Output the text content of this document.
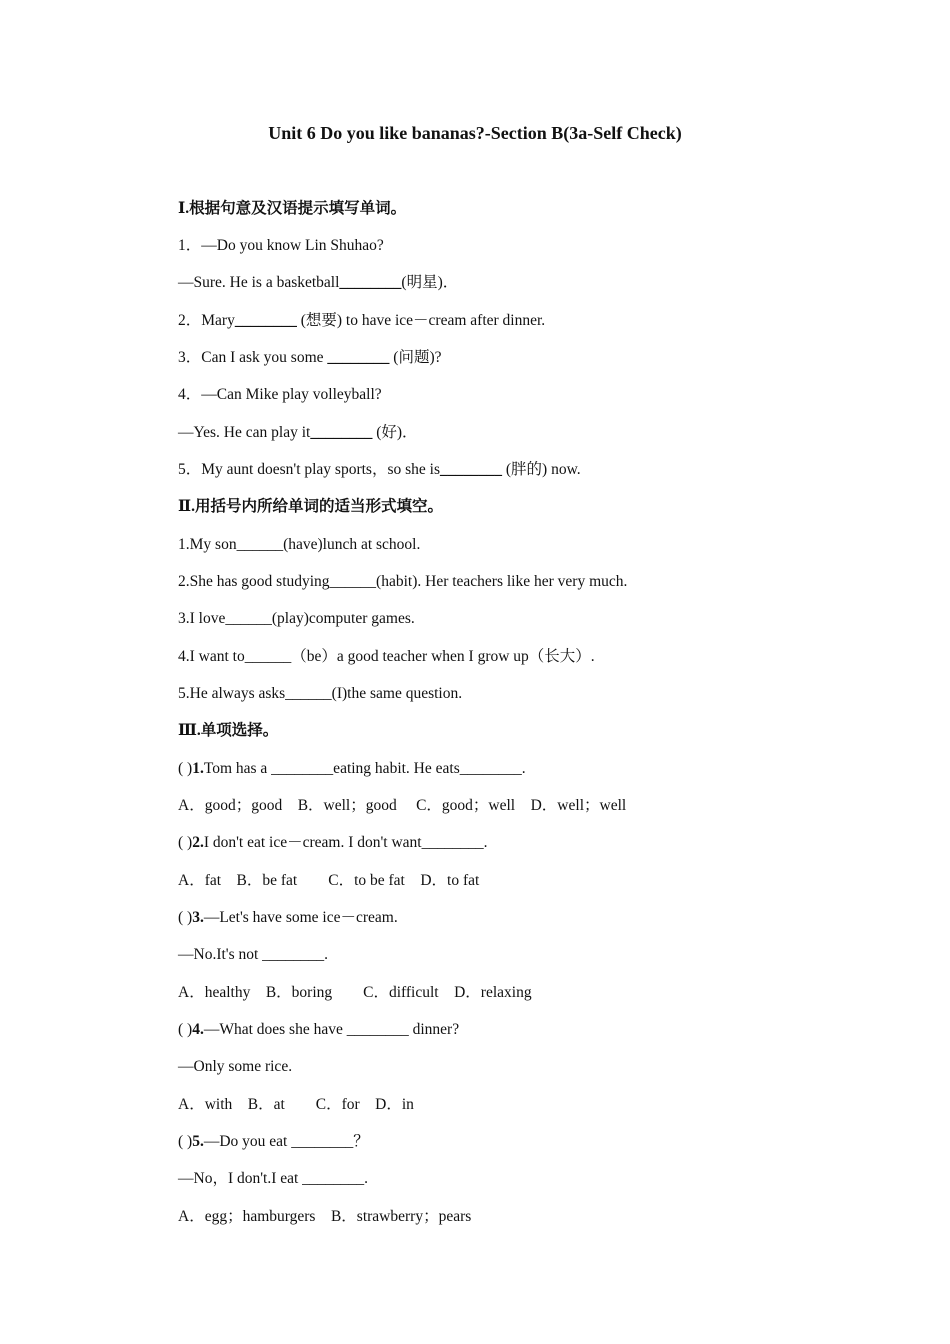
Unit 6 Do you like bananas?-Section B(3a-Self Check)
Ⅰ.根据句意及汉语提示填写单词。
1．—Do you know Lin Shuhao?
—Sure. He is a basketball________(明星)．
2．Mary________ (想要) to have ice－cream after dinner.
3．Can I ask you some ________ (问题)?
4．—Can Mike play volleyball?
—Yes. He can play it________ (好)．
5．My aunt doesn't play sports，so she is________ (胖的) now.
Ⅱ.用括号内所给单词的适当形式填空。
1.My son______(have)lunch at school.
2.She has good studying______(habit). Her teachers like her very much.
3.I love______(play)computer games.
4.I want to______（be）a good teacher when I grow up（长大）.
5.He always asks______(I)the same question.
Ⅲ.单项选择。
( )1.Tom has a ________eating habit. He eats________.
A．good；good　B．well；good　 C．good；well　D．well；well
( )2.I don't eat ice－cream. I don't want________.
A．fat　B．be fat　　C．to be fat　D．to fat
( )3.—Let's have some ice－cream.
—No.It's not ________.
A．healthy　B．boring　　C．difficult　D．relaxing
( )4.—What does she have ________ dinner?
—Only some rice.
A．with　B．at　　C．for　D．in
( )5.—Do you eat ________？
—No，I don't.I eat ________.
A．egg；hamburgers　B．strawberry；pears
